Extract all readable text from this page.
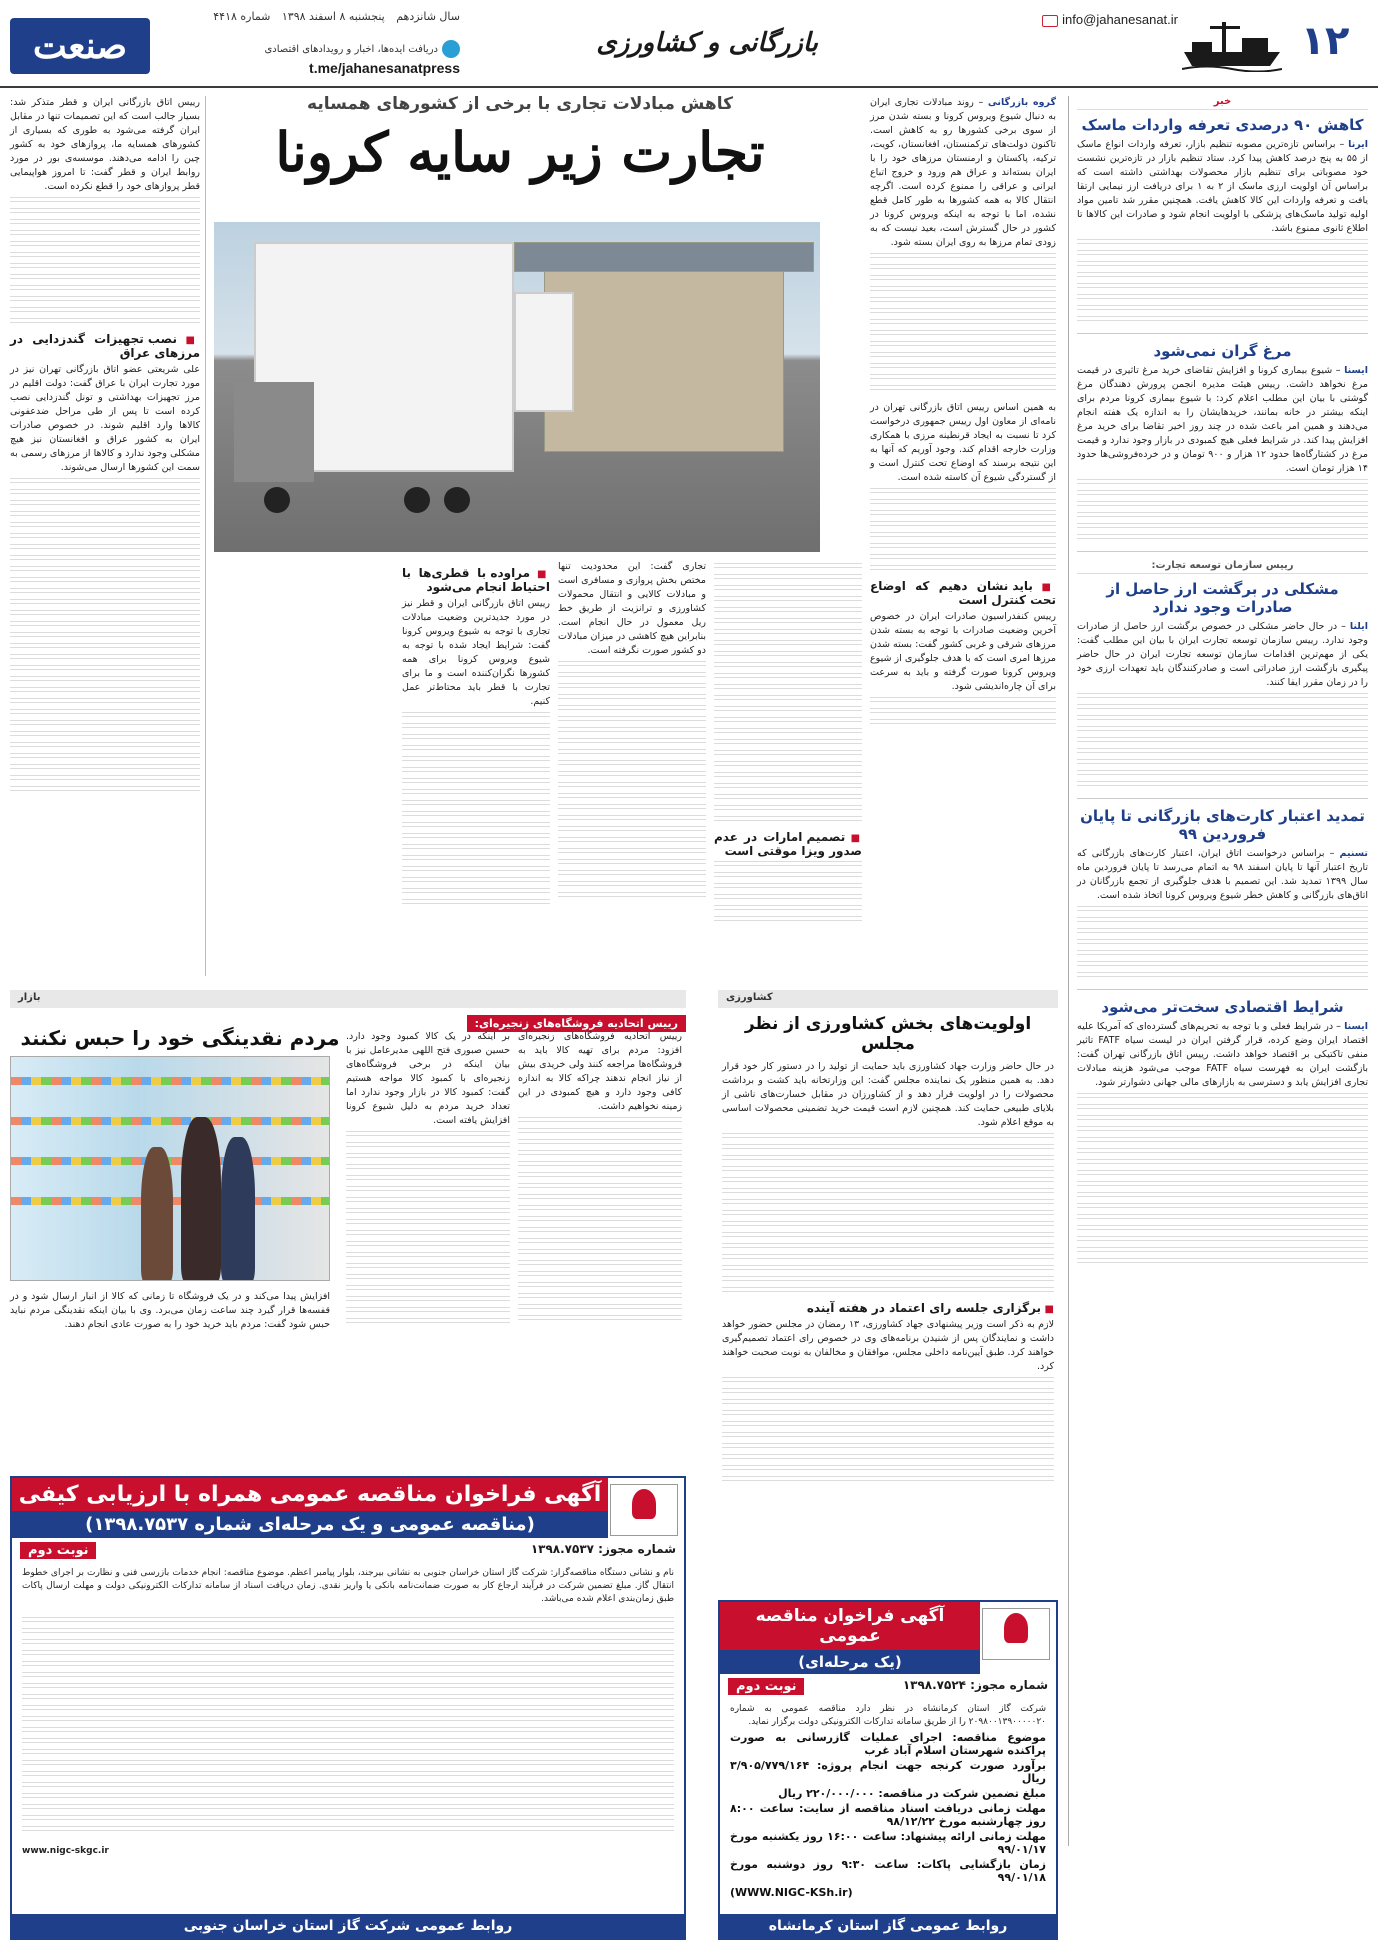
۱۲
info@jahanesanat.ir
بازرگانی و کشاورزی
سال شانزدهم پنجشنبه ۸ اسفند ۱۳۹۸ شماره ۴۴۱۸
دریافت ایده‌ها، اخبار و رویدادهای اقتصادی
t.me/jahanesanatpress
صنعت
خبر
کاهش ۹۰ درصدی تعرفه واردات ماسک
ایرنا – براساس تازه‌ترین مصوبه تنظیم بازار، تعرفه واردات انواع ماسک از ۵۵ به پنج درصد کاهش پیدا کرد. ستاد تنظیم بازار در تازه‌ترین نشست خود مصوباتی برای تنظیم بازار محصولات بهداشتی داشته است که براساس آن اولویت ارزی ماسک از ۲ به ۱ برای دریافت ارز نیمایی ارتقا یافت و تعرفه واردات این کالا کاهش یافت. همچنین مقرر شد تامین مواد اولیه تولید ماسک‌های پزشکی با اولویت انجام شود و صادرات این کالاها تا اطلاع ثانوی ممنوع باشد.
مرغ گران نمی‌شود
ایسنا – شیوع بیماری کرونا و افزایش تقاضای خرید مرغ تاثیری در قیمت مرغ نخواهد داشت. رییس هیئت مدیره انجمن پرورش دهندگان مرغ گوشتی با بیان این مطلب اعلام کرد: با شیوع بیماری کرونا مردم برای اینکه بیشتر در خانه بمانند، خریدهایشان را به اندازه یک هفته انجام می‌دهند و همین امر باعث شده در چند روز اخیر تقاضا برای خرید مرغ افزایش پیدا کند. در شرایط فعلی هیچ کمبودی در بازار وجود ندارد و قیمت مرغ در کشتارگاه‌ها حدود ۱۲ هزار و ۹۰۰ تومان و در خرده‌فروشی‌ها حدود ۱۴ هزار تومان است.
رییس سازمان توسعه تجارت:
مشکلی در برگشت ارز حاصل از صادرات وجود ندارد
ایلنا – در حال حاضر مشکلی در خصوص برگشت ارز حاصل از صادرات وجود ندارد. رییس سازمان توسعه تجارت ایران با بیان این مطلب گفت: یکی از مهم‌ترین اقدامات سازمان توسعه تجارت ایران در حال حاضر پیگیری بازگشت ارز صادراتی است و صادرکنندگان باید تعهدات ارزی خود را در زمان مقرر ایفا کنند.
تمدید اعتبار کارت‌های بازرگانی تا پایان فروردین ۹۹
تسنیم – براساس درخواست اتاق ایران، اعتبار کارت‌های بازرگانی که تاریخ اعتبار آنها تا پایان اسفند ۹۸ به اتمام می‌رسد تا پایان فروردین ماه سال ۱۳۹۹ تمدید شد. این تصمیم با هدف جلوگیری از تجمع بازرگانان در اتاق‌های بازرگانی و کاهش خطر شیوع ویروس کرونا اتخاذ شده است.
شرایط اقتصادی سخت‌تر می‌شود
ایسنا – در شرایط فعلی و با توجه به تحریم‌های گسترده‌ای که آمریکا علیه اقتصاد ایران وضع کرده، قرار گرفتن ایران در لیست سیاه FATF تاثیر منفی تاکتیکی بر اقتصاد خواهد داشت. رییس اتاق بازرگانی تهران گفت: بازگشت ایران به فهرست سیاه FATF موجب می‌شود هزینه مبادلات تجاری افزایش یابد و دسترسی به بازارهای مالی جهانی دشوارتر شود.
کاهش مبادلات تجاری با برخی از کشورهای همسایه
تجارت زیر سایه کرونا
گروه بازرگانی – روند مبادلات تجاری ایران به دنبال شیوع ویروس کرونا و بسته شدن مرز از سوی برخی کشورها رو به کاهش است. تاکنون دولت‌های ترکمنستان، افغانستان، کویت، ترکیه، پاکستان و ارمنستان مرزهای خود را با ایران بسته‌اند و عراق هم ورود و خروج اتباع ایرانی و عراقی را ممنوع کرده است. اگرچه انتقال کالا به همه کشورها به طور کامل قطع نشده، اما با توجه به اینکه ویروس کرونا در کشور در حال گسترش است، بعید نیست که به زودی تمام مرزها به روی ایران بسته شود.
به همین اساس رییس اتاق بازرگانی تهران در نامه‌ای از معاون اول رییس جمهوری درخواست کرد تا نسبت به ایجاد قرنطینه مرزی با همکاری وزارت خارجه اقدام کند. وجود آوریم که آنها به این نتیجه برسند که اوضاع تحت کنترل است و از گستردگی شیوع آن کاسته شده است.
■ باید نشان دهیم که اوضاع تحت کنترل است
رییس کنفدراسیون صادرات ایران در خصوص آخرین وضعیت صادرات با توجه به بسته شدن مرزهای شرقی و غربی کشور گفت: بسته شدن مرزها امری است که با هدف جلوگیری از شیوع ویروس کرونا صورت گرفته و باید به سرعت برای آن چاره‌اندیشی شود.
■ تصمیم امارات در عدم صدور ویزا موقتی است
تجاری گفت: این محدودیت تنها مختص بخش پروازی و مسافری است و مبادلات کالایی و انتقال محمولات کشاورزی و ترانزیت از طریق خط ریل معمول در حال انجام است. بنابراین هیچ کاهشی در میزان مبادلات دو کشور صورت نگرفته است.
■ مراوده با قطری‌ها با احتیاط انجام می‌شود
رییس اتاق بازرگانی ایران و قطر نیز در مورد جدیدترین وضعیت مبادلات تجاری با توجه به شیوع ویروس کرونا گفت: شرایط ایجاد شده با توجه به شیوع ویروس کرونا برای همه کشورها نگران‌کننده است و ما برای تجارت با قطر باید محتاط‌تر عمل کنیم.
رییس اتاق بازرگانی ایران و قطر متذکر شد: بسیار جالب است که این تصمیمات تنها در مقابل ایران گرفته می‌شود به طوری که بسیاری از کشورهای همسایه ما، پروازهای خود به کشور چین را ادامه می‌دهند. موسسه‌ی بور در مورد روابط ایران و قطر گفت: تا امروز هواپیمایی قطر پروازهای خود را قطع نکرده است.
■ نصب تجهیزات گندزدایی در مرزهای عراق
علی شریعتی عضو اتاق بازرگانی تهران نیز در مورد تجارت ایران با عراق گفت: دولت اقلیم در مرز تجهیزات بهداشتی و تونل گندزدایی نصب کرده است تا پس از طی مراحل ضدعفونی کالاها وارد اقلیم شوند. در خصوص صادرات ایران به کشور عراق و افغانستان نیز هیچ مشکلی وجود ندارد و کالاها از مرزهای رسمی به سمت این کشورها ارسال می‌شوند.
کشاورزی
اولویت‌های بخش کشاورزی از نظر مجلس
در حال حاضر وزارت جهاد کشاورزی باید حمایت از تولید را در دستور کار خود قرار دهد. به همین منظور یک نماینده مجلس گفت: این وزارتخانه باید کشت و برداشت محصولات را در اولویت قرار دهد و از کشاورزان در مقابل خسارت‌های ناشی از بلایای طبیعی حمایت کند. همچنین لازم است قیمت خرید تضمینی محصولات اساسی به موقع اعلام شود.
■ برگزاری جلسه رای اعتماد در هفته آینده
لازم به ذکر است وزیر پیشنهادی جهاد کشاورزی، ۱۳ رمضان در مجلس حضور خواهد داشت و نمایندگان پس از شنیدن برنامه‌های وی در خصوص رای اعتماد تصمیم‌گیری خواهند کرد. طبق آیین‌نامه داخلی مجلس، موافقان و مخالفان به نوبت صحبت خواهند کرد.
بازار
رییس اتحادیه فروشگاه‌های زنجیره‌ای:
مردم نقدینگی خود را حبس نکنند
افزایش پیدا می‌کند و در یک فروشگاه تا زمانی که کالا از انبار ارسال شود و در قفسه‌ها قرار گیرد چند ساعت زمان می‌برد. وی با بیان اینکه نقدینگی مردم نباید حبس شود گفت: مردم باید خرید خود را به صورت عادی انجام دهند.
بر اینکه در یک کالا کمبود وجود دارد. حسین صبوری فتح اللهی مدیرعامل نیز با بیان اینکه در برخی فروشگاه‌های زنجیره‌ای با کمبود کالا مواجه هستیم گفت: کمبود کالا در بازار وجود ندارد اما تعداد خرید مردم به دلیل شیوع کرونا افزایش یافته است.
رییس اتحادیه فروشگاه‌های زنجیره‌ای افزود: مردم برای تهیه کالا باید به فروشگاه‌ها مراجعه کنند ولی خریدی بیش از نیاز انجام ندهند چراکه کالا به اندازه کافی وجود دارد و هیچ کمبودی در این زمینه نخواهیم داشت.
آگهی فراخوان مناقصه عمومی همراه با ارزیابی کیفی
(مناقصه عمومی و یک مرحله‌ای شماره ۱۳۹۸.۷۵۳۷)
شماره مجوز: ۱۳۹۸.۷۵۳۷
نوبت دوم
نام و نشانی دستگاه مناقصه‌گزار: شرکت گاز استان خراسان جنوبی به نشانی بیرجند، بلوار پیامبر اعظم. موضوع مناقصه: انجام خدمات بازرسی فنی و نظارت بر اجرای خطوط انتقال گاز. مبلغ تضمین شرکت در فرآیند ارجاع کار به صورت ضمانت‌نامه بانکی یا واریز نقدی. زمان دریافت اسناد از سامانه تدارکات الکترونیکی دولت و مهلت ارسال پاکات طبق زمان‌بندی اعلام شده می‌باشد.
www.nigc-skgc.ir
روابط عمومی شرکت گاز استان خراسان جنوبی
آگهی فراخوان مناقصه عمومی
(یک مرحله‌ای)
شماره مجوز: ۱۳۹۸.۷۵۲۴
نوبت دوم
شرکت گاز استان کرمانشاه در نظر دارد مناقصه عمومی به شماره ۲۰۹۸۰۰۱۳۹۰۰۰۰۰۲۰ را از طریق سامانه تدارکات الکترونیکی دولت برگزار نماید.
موضوع مناقصه: اجرای عملیات گازرسانی به صورت پراکنده شهرستان اسلام آباد غرب
برآورد صورت کرنجه جهت انجام پروژه: ۳/۹۰۵/۷۷۹/۱۶۴ ریال
مبلغ تضمین شرکت در مناقصه: ۲۲۰/۰۰۰/۰۰۰ ریال
مهلت زمانی دریافت اسناد مناقصه از سایت: ساعت ۸:۰۰ روز چهارشنبه مورخ ۹۸/۱۲/۲۲
مهلت زمانی ارائه پیشنهاد: ساعت ۱۶:۰۰ روز یکشنبه مورخ ۹۹/۰۱/۱۷
زمان بازگشایی پاکات: ساعت ۹:۳۰ روز دوشنبه مورخ ۹۹/۰۱/۱۸
(WWW.NIGC-KSh.ir)
روابط عمومی گاز استان کرمانشاه
